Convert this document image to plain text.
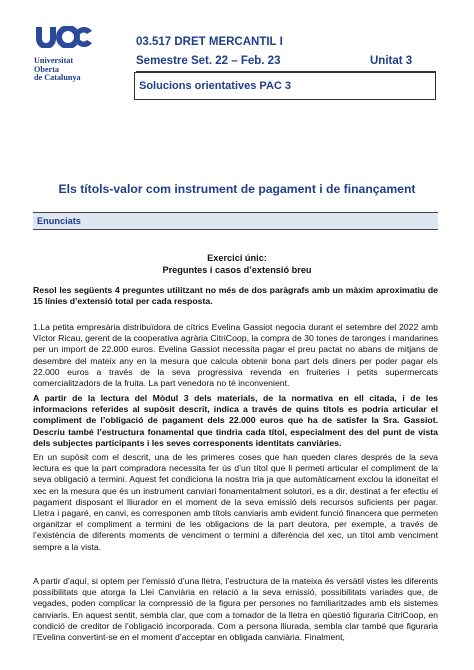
Universitat
Oberta
de Catalunya
03.517 DRET MERCANTIL I
Semestre Set. 22 – Feb. 23	Unitat 3
Solucions orientatives PAC 3
Els títols-valor com instrument de pagament i de finançament
Enunciats
Exercici únic:
Preguntes i casos d’extensió breu
Resol les següents 4 preguntes utilitzant no més de dos paràgrafs amb un màxim aproximatiu de 15 línies d’extensió total per cada resposta.
1.La petita empresària distribuïdora de cítrics Evelina Gassiot negocia durant el setembre del 2022 amb Víctor Ricau, gerent de la cooperativa agrària CitriCoop, la compra de 30 tones de taronges i mandarines per un import de 22.000 euros. Evelina Gassiot necessita pagar el preu pactat no abans de mitjans de desembre del mateix any en la mesura que calcula obtenir bona part dels diners per poder pagar els 22.000 euros a través de la seva progressiva revenda en fruiteries i petits supermercats comercialitzadors de la fruita. La part venedora no té inconvenient.
A partir de la lectura del Mòdul 3 dels materials, de la normativa en ell citada, i de les informacions referides al supòsit descrit, indica a través de quins títols es podria articular el compliment de l’obligació de pagament dels 22.000 euros que ha de satisfer la Sra. Gassiot. Descriu també l’estructura fonamental que tindria cada títol, especialment des del punt de vista dels subjectes participants i les seves corresponents identitats canviàries.
En un supòsit com el descrit, una de les primeres coses que han queden clares després de la seva lectura es que la part compradora necessita fer ús d’un títol que li permeti articular el compliment de la seva obligació a termini. Aquest fet condiciona la nostra tria ja que automàticament exclou la idoneïtat el xec en la mesura que és un instrument canviari fonamentalment solutori, es a dir, destinat a fer efectiu el pagament disposant el lliurador en el moment de la seva emissió dels recursos suficients per pagar. Lletra i pagaré, en canvi, es corresponen amb títols canviaris amb evident funció financera que permeten organitzar el compliment a termini de les obligacions de la part deutora, per exemple, a través de l’existència de diferents moments de venciment o termini a diferència del xec, un títol amb venciment sempre a la vista.
A partir d’aquí, si optem per l’emissió d’una lletra, l’estructura de la mateixa és versàtil vistes les diferents possibilitats que atorga la Llei Canviària en relació a la seva emissió, possibilitats variades que, de vegades, poden complicar la compressió de la figura per persones no familiaritzades amb els sistemes canviaris. En aquest sentit, sembla clar, que com a tomador de la lletra en qüestió figuraria CitriCoop, en condició de creditor de l’obligació incorporada. Com a persona lliurada, sembla clar també que figuraria l’Evelina convertint-se en el moment d’acceptar en obligada canviària. Finalment,
